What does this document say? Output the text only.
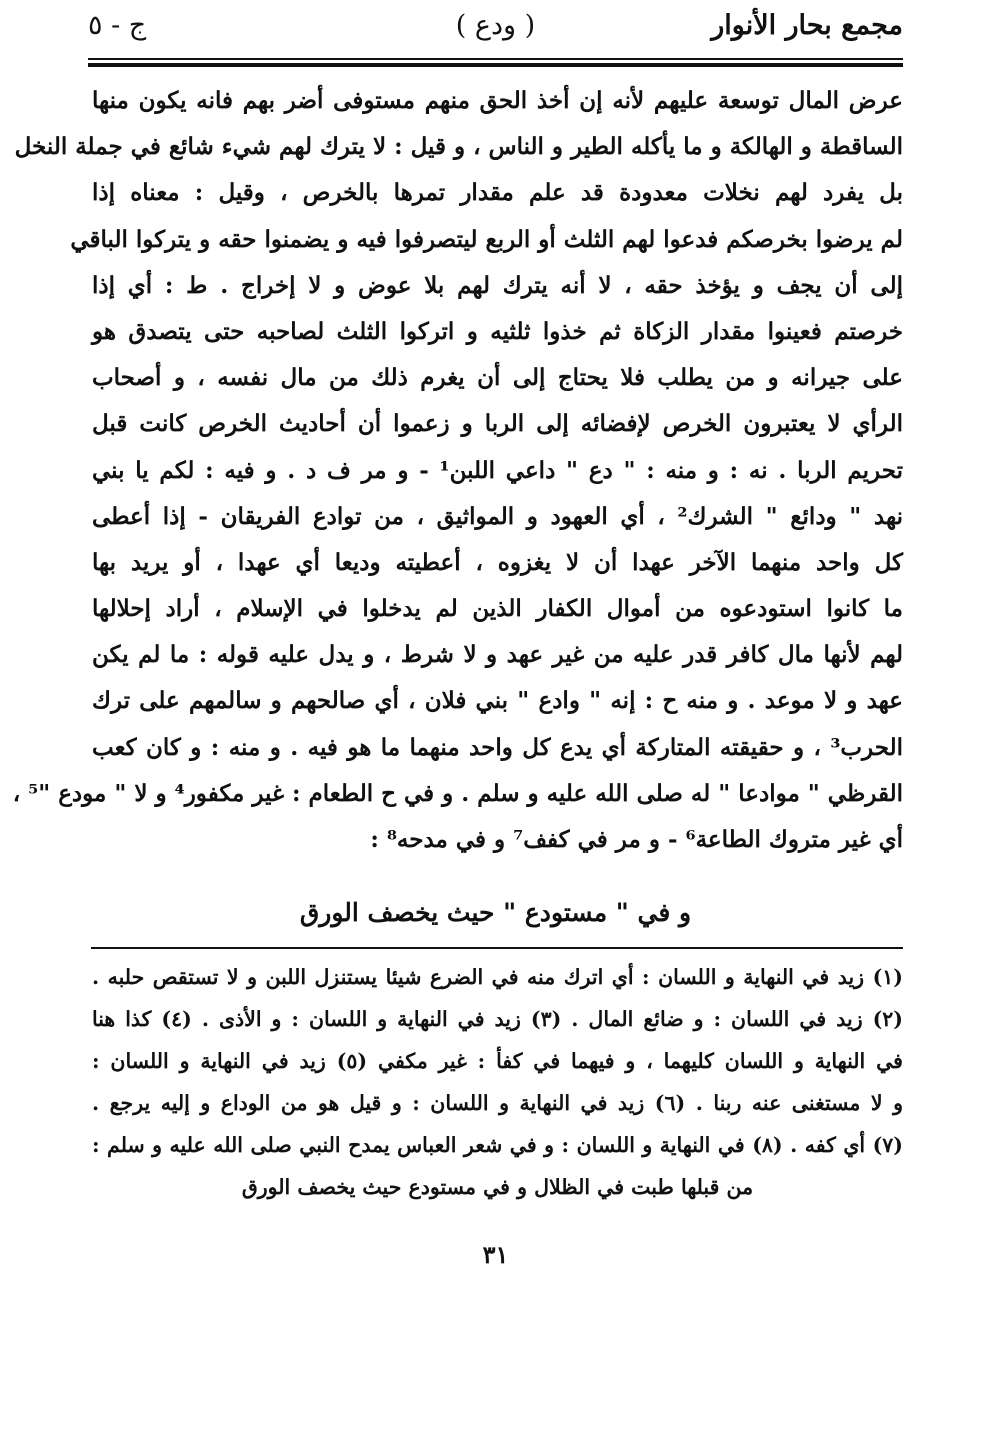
مجمع بحار الأنوار
( ودع )
ج - ٥
عرض المال توسعة عليهم لأنه إن أخذ الحق منهم مستوفى أضر بهم فانه يكون منها
الساقطة و الهالكة و ما يأكله الطير و الناس ، و قيل : لا يترك لهم شيء شائع في جملة النخل
بل يفرد لهم نخلات معدودة قد علم مقدار تمرها بالخرص ، وقيل : معناه إذا
لم يرضوا بخرصكم فدعوا لهم الثلث أو الربع ليتصرفوا فيه و يضمنوا حقه و يتركوا الباقي
إلى أن يجف و يؤخذ حقه ، لا أنه يترك لهم بلا عوض و لا إخراج . ط : أي إذا
خرصتم فعينوا مقدار الزكاة ثم خذوا ثلثيه و اتركوا الثلث لصاحبه حتى يتصدق هو
على جيرانه و من يطلب فلا يحتاج إلى أن يغرم ذلك من مال نفسه ، و أصحاب
الرأي لا يعتبرون الخرص لإفضائه إلى الربا و زعموا أن أحاديث الخرص كانت قبل
تحريم الربا . نه : و منه : " دع " داعي اللبن¹ - و مر ف د . و فيه : لكم يا بني
نهد " ودائع " الشرك² ، أي العهود و المواثيق ، من توادع الفريقان - إذا أعطى
كل واحد منهما الآخر عهدا أن لا يغزوه ، أعطيته وديعا أي عهدا ، أو يريد بها
ما كانوا استودعوه من أموال الكفار الذين لم يدخلوا في الإسلام ، أراد إحلالها
لهم لأنها مال كافر قدر عليه من غير عهد و لا شرط ، و يدل عليه قوله : ما لم يكن
عهد و لا موعد . و منه ح : إنه " وادع " بني فلان ، أي صالحهم و سالمهم على ترك
الحرب³ ، و حقيقته المتاركة أي يدع كل واحد منهما ما هو فيه . و منه : و كان كعب
القرظي " موادعا " له صلى الله عليه و سلم . و في ح الطعام : غير مكفور⁴ و لا " مودع "⁵ ،
أي غير متروك الطاعة⁶ - و مر في كفف⁷ و في مدحه⁸ :
و في " مستودع " حيث يخصف الورق
(١) زيد في النهاية و اللسان : أي اترك منه في الضرع شيئا يستنزل اللبن و لا تستقص حلبه .
(٢) زيد في اللسان : و ضائع المال . (٣) زيد في النهاية و اللسان : و الأذى . (٤) كذا هنا
في النهاية و اللسان كليهما ، و فيهما في كفأ : غير مكفي (٥) زيد في النهاية و اللسان :
و لا مستغنى عنه ربنا . (٦) زيد في النهاية و اللسان : و قيل هو من الوداع و إليه يرجع .
(٧) أي كفه . (٨) في النهاية و اللسان : و في شعر العباس يمدح النبي صلى الله عليه و سلم :
من قبلها طبت في الظلال و في مستودع حيث يخصف الورق
٣١
